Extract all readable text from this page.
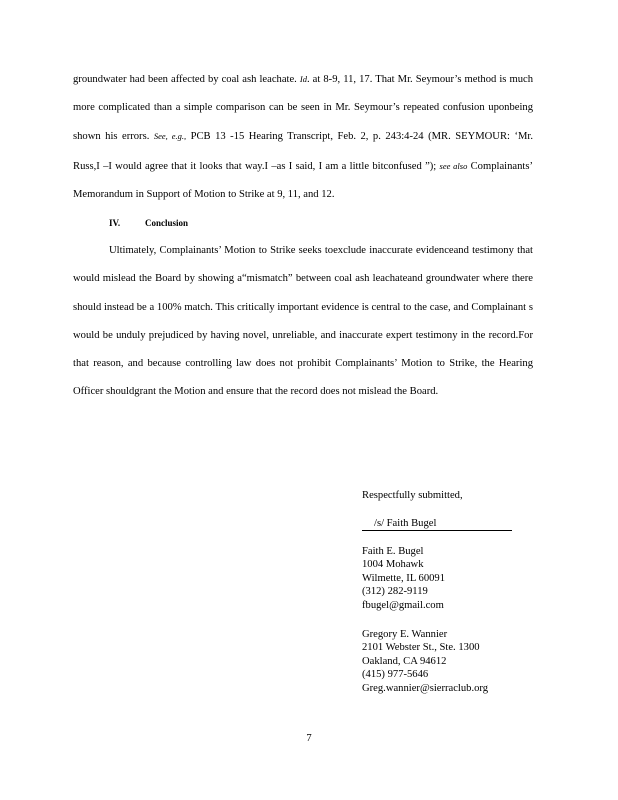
groundwater had been affected by coal ash leachate. Id. at 8-9, 11, 17. That Mr. Seymour’s method is much more complicated than a simple comparison can be seen in Mr. Seymour’s repeated confusion uponbeing shown his errors. See, e.g., PCB 13 -15 Hearing Transcript, Feb. 2, p. 243:4-24 (MR. SEYMOUR: ‘Mr. Russ,I –I would agree that it looks that way.I –as I said, I am a little bitconfused ”); see also Complainants’ Memorandum in Support of Motion to Strike at 9, 11, and 12.

IV.	Conclusion

Ultimately, Complainants’ Motion to Strike seeks toexclude inaccurate evidenceand testimony that would mislead the Board by showing a“mismatch” between coal ash leachateand groundwater where there should instead be a 100% match. This critically important evidence is central to the case, and Complainant s would be unduly prejudiced by having novel, unreliable, and inaccurate expert testimony in the record.For that reason, and because controlling law does not prohibit Complainants’ Motion to Strike, the Hearing Officer shouldgrant the Motion and ensure that the record does not mislead the Board.

Respectfully submitted,
/s/ Faith Bugel
Faith E. Bugel
1004 Mohawk
Wilmette, IL 60091
(312) 282-9119
fbugel@gmail.com
Gregory E. Wannier
2101 Webster St., Ste. 1300
Oakland, CA 94612
(415) 977-5646
Greg.wannier@sierraclub.org
7
